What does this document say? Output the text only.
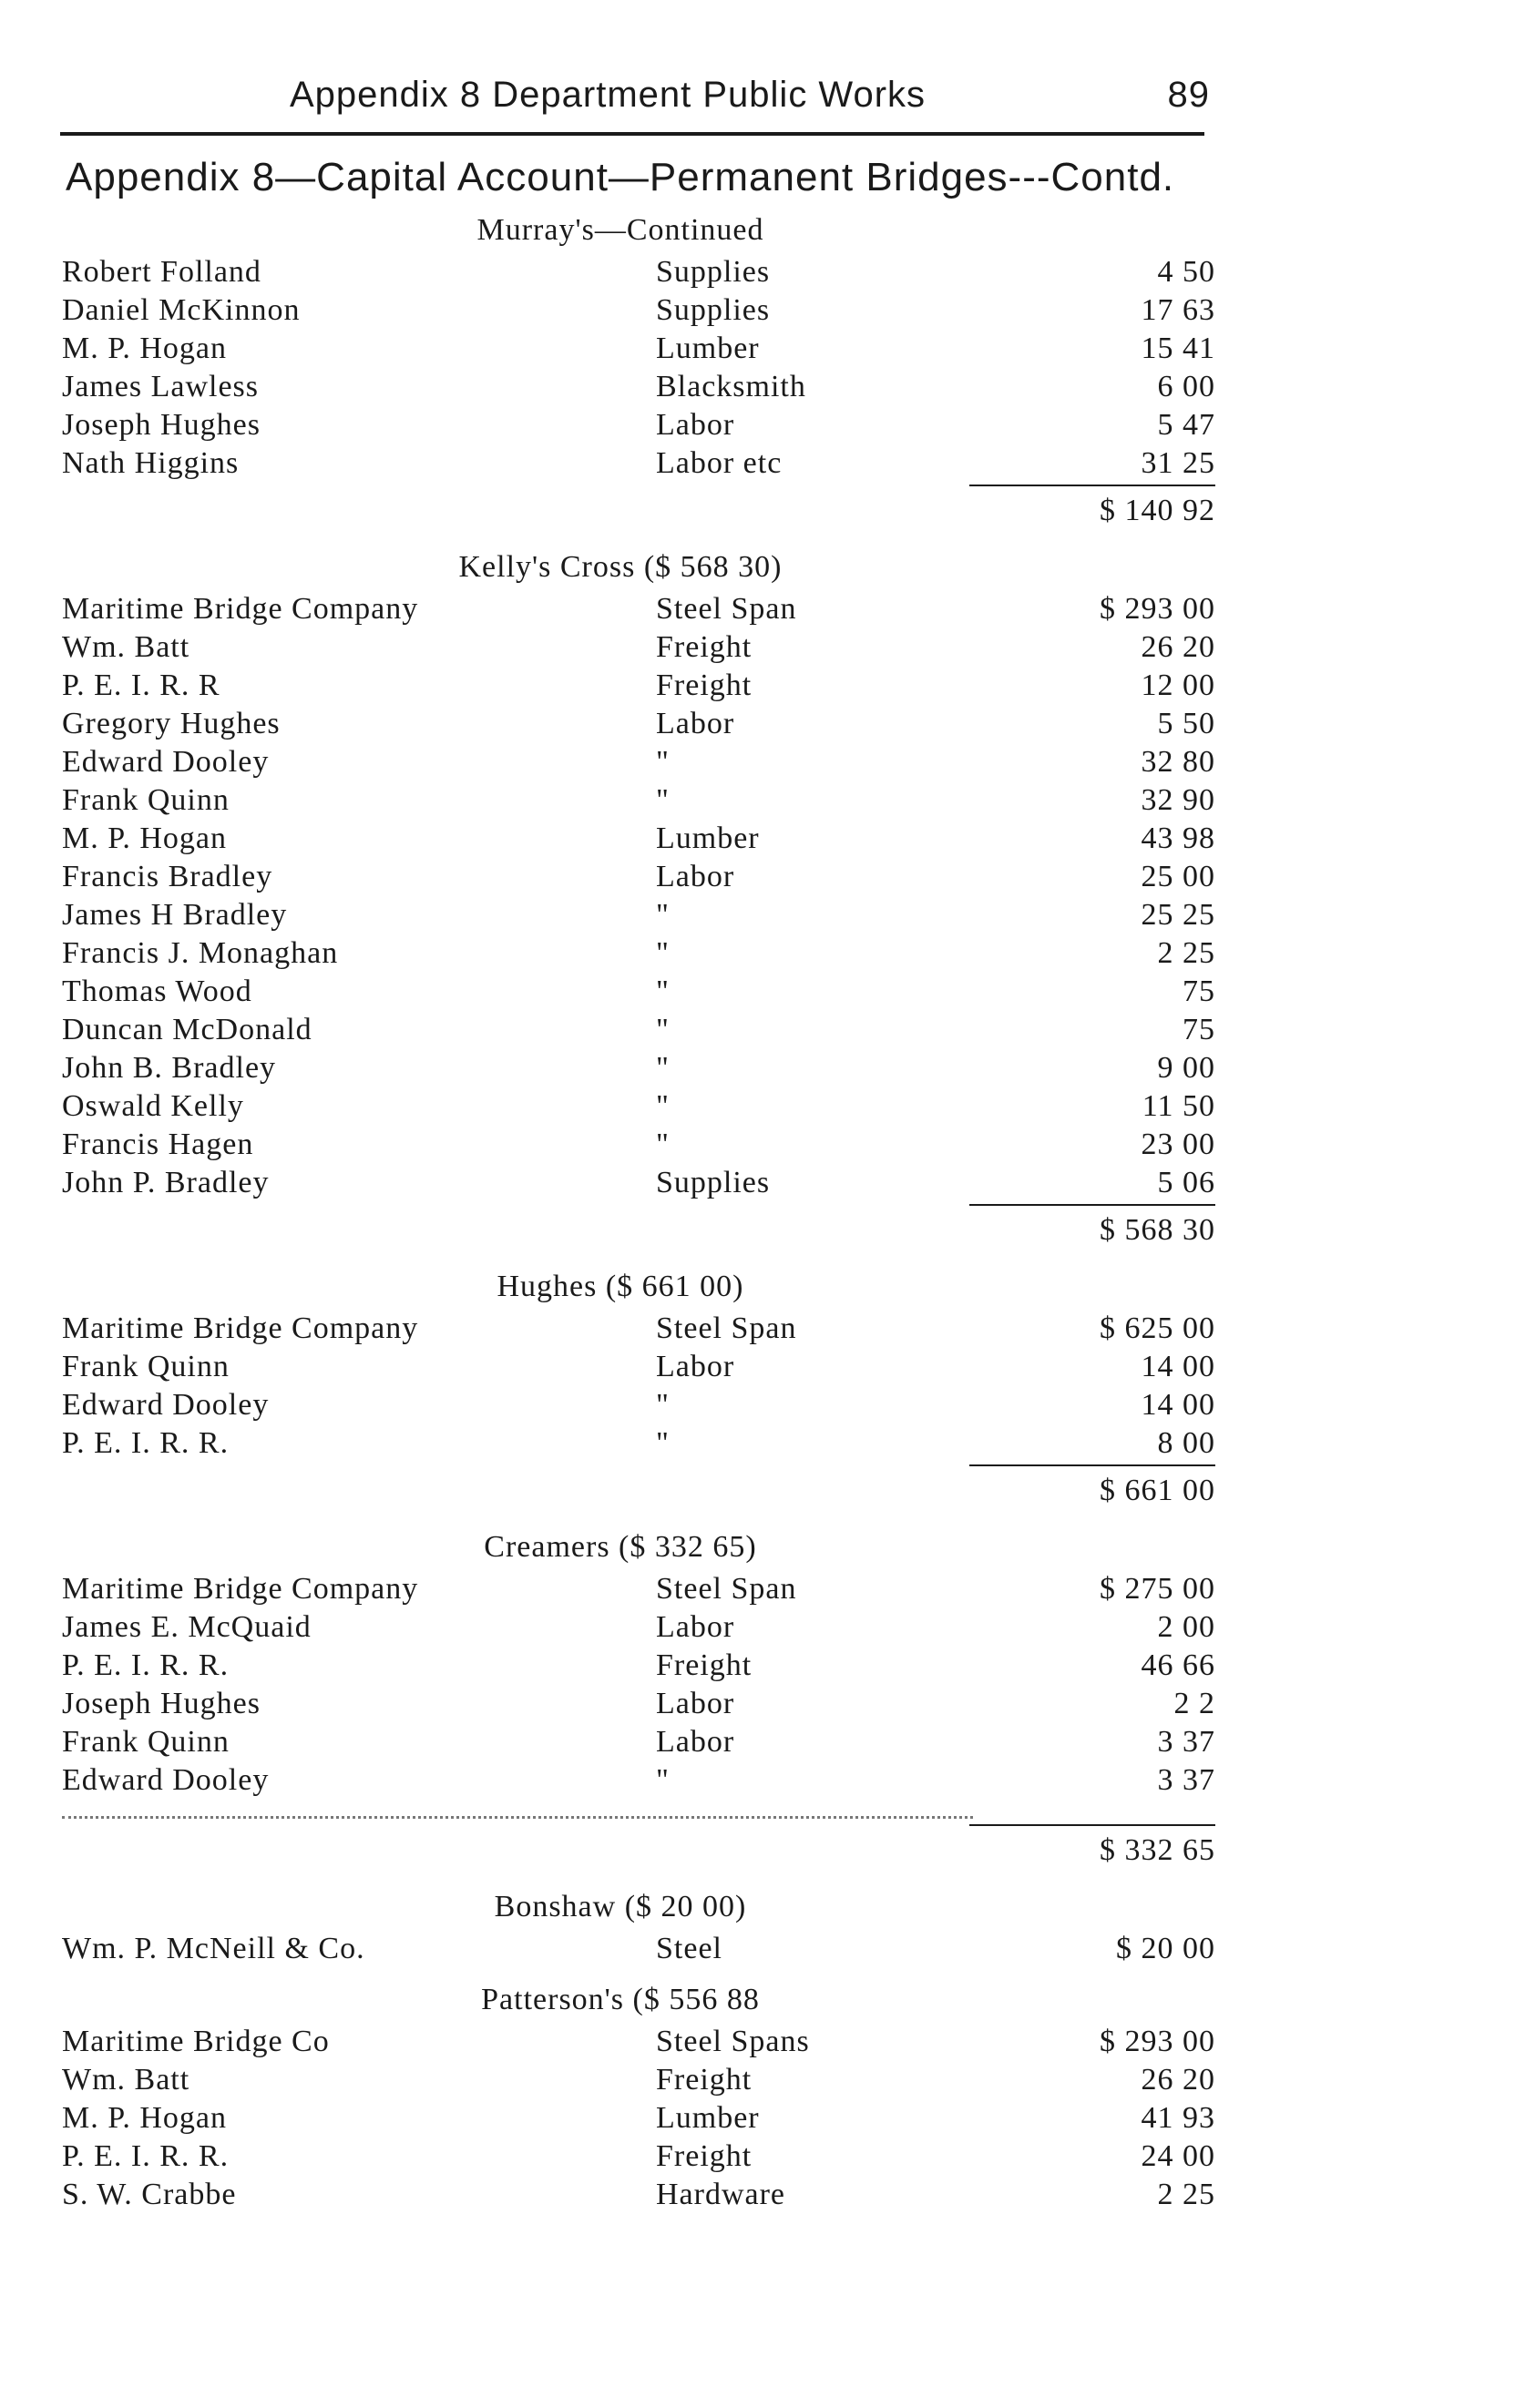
Appendix 8 Department Public Works	89
Appendix 8—Capital Account—Permanent Bridges---Contd.
Murray's—Continued
Robert Folland	Supplies	4 50
Daniel McKinnon	Supplies	17 63
M. P. Hogan	Lumber	15 41
James Lawless	Blacksmith	6 00
Joseph Hughes	Labor	5 47
Nath Higgins	Labor etc	31 25
$ 140 92
Kelly's Cross ($ 568 30)
Maritime Bridge Company	Steel Span	$ 293 00
Wm. Batt	Freight	26 20
P. E. I. R. R	Freight	12 00
Gregory Hughes	Labor	5 50
Edward Dooley	"	32 80
Frank Quinn	"	32 90
M. P. Hogan	Lumber	43 98
Francis Bradley	Labor	25 00
James H Bradley	"	25 25
Francis J. Monaghan	"	2 25
Thomas Wood	"	75
Duncan McDonald	"	75
John B. Bradley	"	9 00
Oswald Kelly	"	11 50
Francis Hagen	"	23 00
John P. Bradley	Supplies	5 06
$ 568 30
Hughes ($ 661 00)
Maritime Bridge Company	Steel Span	$ 625 00
Frank Quinn	Labor	14 00
Edward Dooley	"	14 00
P. E. I. R. R.	"	8 00
$ 661 00
Creamers ($ 332 65)
Maritime Bridge Company	Steel Span	$ 275 00
James E. McQuaid	Labor	2 00
P. E. I. R. R.	Freight	46 66
Joseph Hughes	Labor	2 2
Frank Quinn	Labor	3 37
Edward Dooley	"	3 37
$ 332 65
Bonshaw ($ 20 00)
Wm. P. McNeill & Co.	Steel	$ 20 00
Patterson's ($ 556 88
Maritime Bridge Co	Steel Spans	$ 293 00
Wm. Batt	Freight	26 20
M. P. Hogan	Lumber	41 93
P. E. I. R. R.	Freight	24 00
S. W. Crabbe	Hardware	2 25
